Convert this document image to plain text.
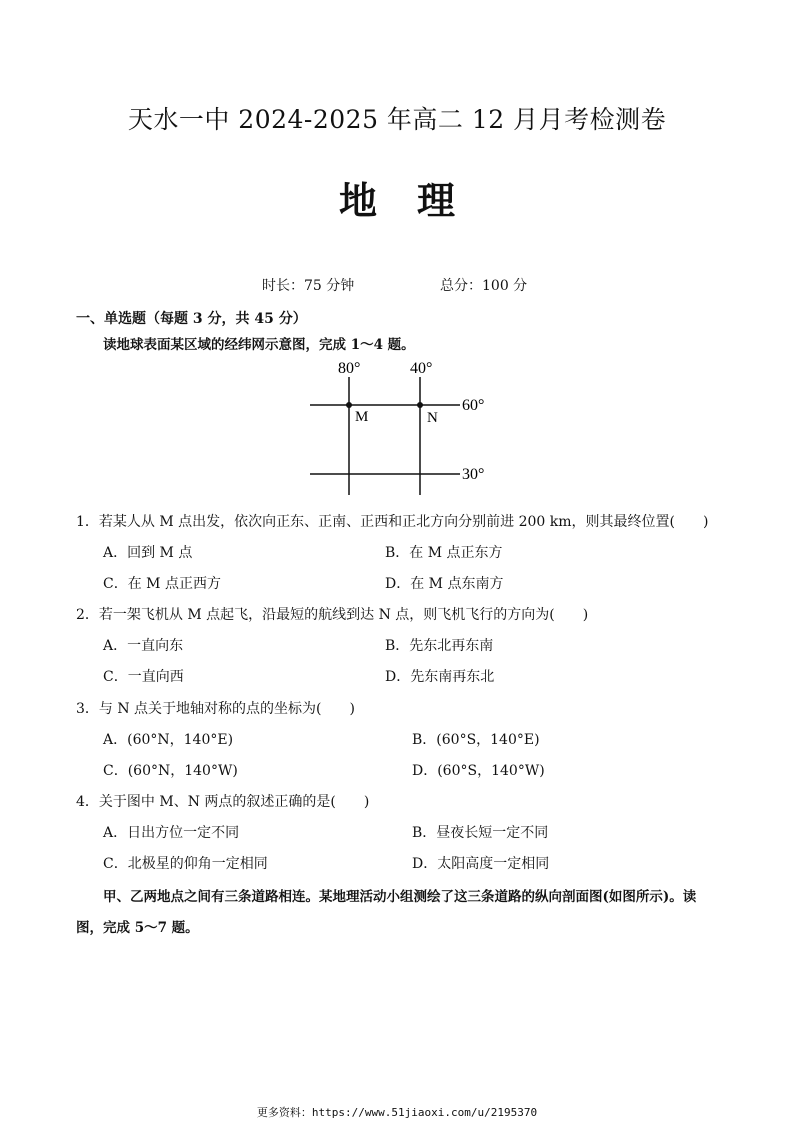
天水一中 2024-2025 年高二 12 月月考检测卷
地理
时长：75 分钟	总分：100 分
一、单选题（每题 3 分，共 45 分）
读地球表面某区域的经纬网示意图，完成 1～4 题。
80°	40°
60°
30°
M	N
1．若某人从 M 点出发，依次向正东、正南、正西和正北方向分别前进 200 km，则其最终位置(　　)
A．回到 M 点	B．在 M 点正东方
C．在 M 点正西方	D．在 M 点东南方
2．若一架飞机从 M 点起飞，沿最短的航线到达 N 点，则飞机飞行的方向为(　　)
A．一直向东	B．先东北再东南
C．一直向西	D．先东南再东北
3．与 N 点关于地轴对称的点的坐标为(　　)
A．(60°N，140°E)	B．(60°S，140°E)
C．(60°N，140°W)	D．(60°S，140°W)
4．关于图中 M、N 两点的叙述正确的是(　　)
A．日出方位一定不同	B．昼夜长短一定不同
C．北极星的仰角一定相同	D．太阳高度一定相同
甲、乙两地点之间有三条道路相连。某地理活动小组测绘了这三条道路的纵向剖面图(如图所示)。读
图，完成 5～7 题。
更多资料：https://www.51jiaoxi.com/u/2195370
